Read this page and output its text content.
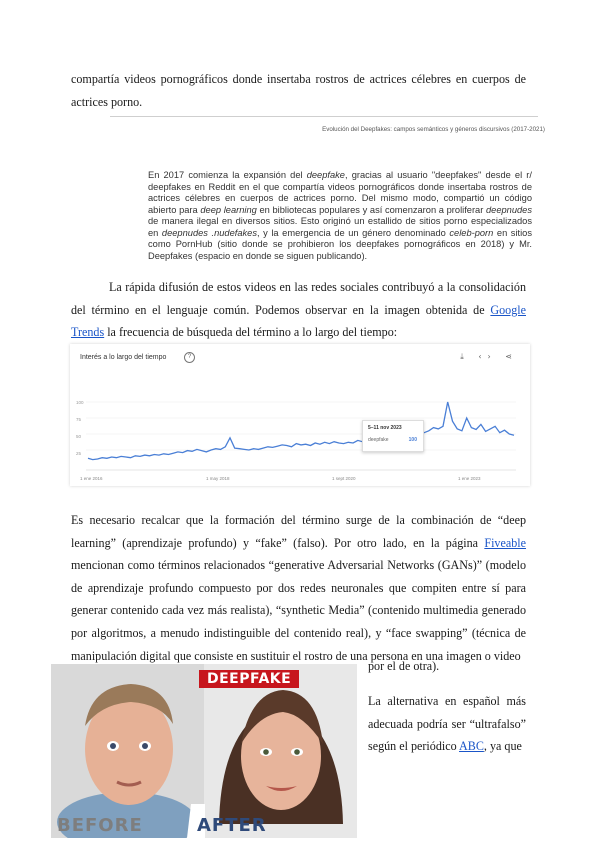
compartía videos pornográficos donde insertaba rostros de actrices célebres en cuerpos de
actrices porno.
Evolución del Deepfakes: campos semánticos y géneros discursivos (2017-2021)
En 2017 comienza la expansión del deepfake, gracias al usuario "deepfakes" desde el r/ deepfakes en Reddit en el que compartía videos pornográficos donde insertaba rostros de actrices célebres en cuerpos de actrices porno. Del mismo modo, compartió un código abierto para deep learning en bibliotecas populares y así comenzaron a proliferar deepnudes de manera ilegal en diversos sitios. Esto originó un estallido de sitios porno especializados en deepnudes .nudefakes, y la emergencia de un género denominado celeb-porn en sitios como PornHub (sitio donde se prohibieron los deepfakes pornográficos en 2018) y Mr. Deepfakes (espacio en donde se siguen publicando).
La rápida difusión de estos videos en las redes sociales contribuyó a la consolidación del término en el lenguaje común. Podemos observar en la imagen obtenida de Google Trends la frecuencia de búsqueda del término a lo largo del tiempo:
Interés a lo largo del tiempo	?	⤓ ‹› ⋖
100
75
50
25
1 ene 2016	1 may 2018	1 sept 2020	1 ene 2023
5–11 nov 2023
deepfake	100
Es necesario recalcar que la formación del término surge de la combinación de “deep learning” (aprendizaje profundo) y “fake” (falso). Por otro lado, en la página Fiveable mencionan como términos relacionados “generative Adversarial Networks (GANs)” (modelo de aprendizaje profundo compuesto por dos redes neuronales que compiten entre sí para generar contenido cada vez más realista), “synthetic Media” (contenido multimedia generado por algoritmos, a menudo indistinguible del contenido real), y “face swapping” (técnica de manipulación digital que consiste en sustituir el rostro de una persona en una imagen o video
por el de otra).
DEEPFAKE
BEFORE	AFTER
La alternativa en español más adecuada podría ser “ultrafalso” según el periódico ABC, ya que
